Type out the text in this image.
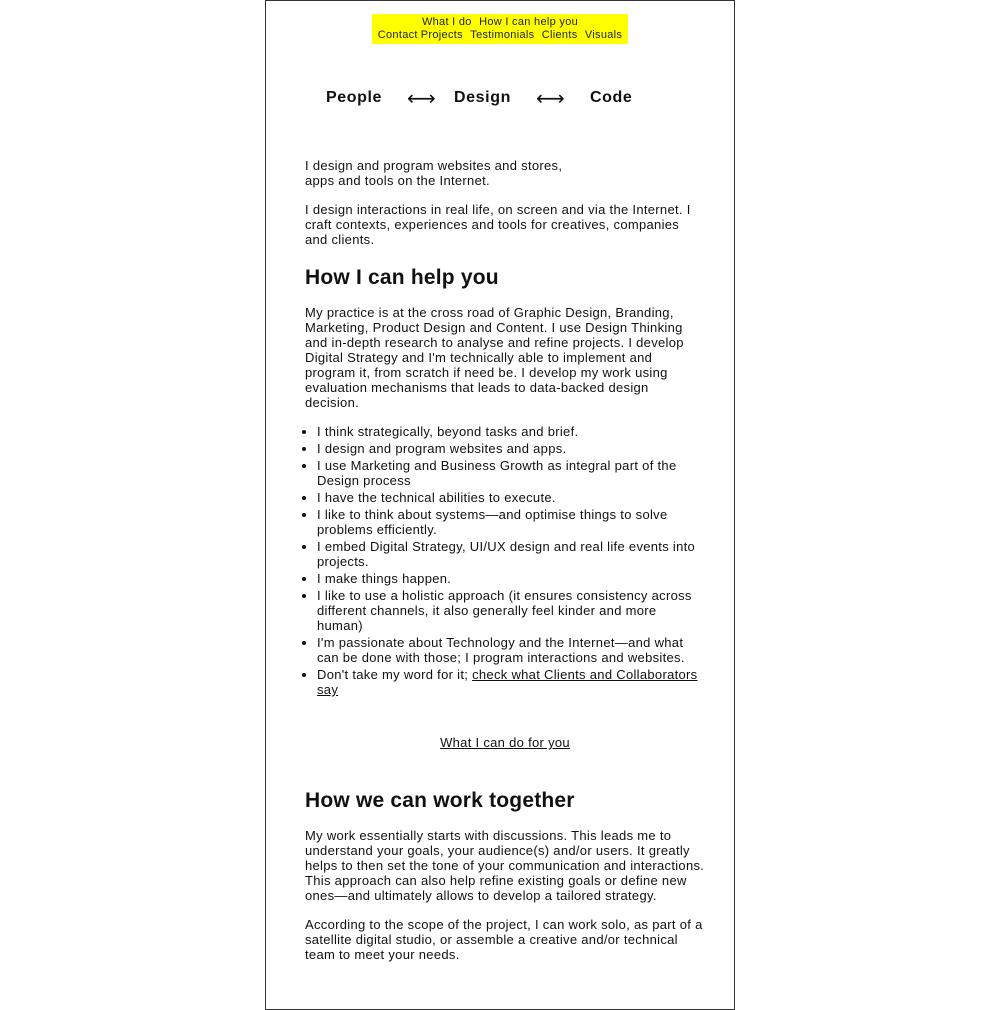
What I do How I can help you Contact Projects Testimonials Clients Visuals
People ⟷ Design ⟷ Code

I design and program websites and stores,
apps and tools on the Internet.

I design interactions in real life, on screen and via the Internet. I craft contexts, experiences and tools for creatives, companies and clients.

How I can help you

My practice is at the cross road of Graphic Design, Branding, Marketing, Product Design and Content. I use Design Thinking and in-depth research to analyse and refine projects. I develop Digital Strategy and I'm technically able to implement and program it, from scratch if need be. I develop my work using evaluation mechanisms that leads to data-backed design decision.

• I think strategically, beyond tasks and brief.
• I design and program websites and apps.
• I use Marketing and Business Growth as integral part of the Design process
• I have the technical abilities to execute.
• I like to think about systems—and optimise things to solve problems efficiently.
• I embed Digital Strategy, UI/UX design and real life events into projects.
• I make things happen.
• I like to use a holistic approach (it ensures consistency across different channels, it also generally feel kinder and more human)
• I'm passionate about Technology and the Internet—and what can be done with those; I program interactions and websites.
• Don't take my word for it; check what Clients and Collaborators say
What I can do for you
How we can work together

My work essentially starts with discussions. This leads me to understand your goals, your audience(s) and/or users. It greatly helps to then set the tone of your communication and interactions. This approach can also help refine existing goals or define new ones—and ultimately allows to develop a tailored strategy.

According to the scope of the project, I can work solo, as part of a satellite digital studio, or assemble a creative and/or technical team to meet your needs.
